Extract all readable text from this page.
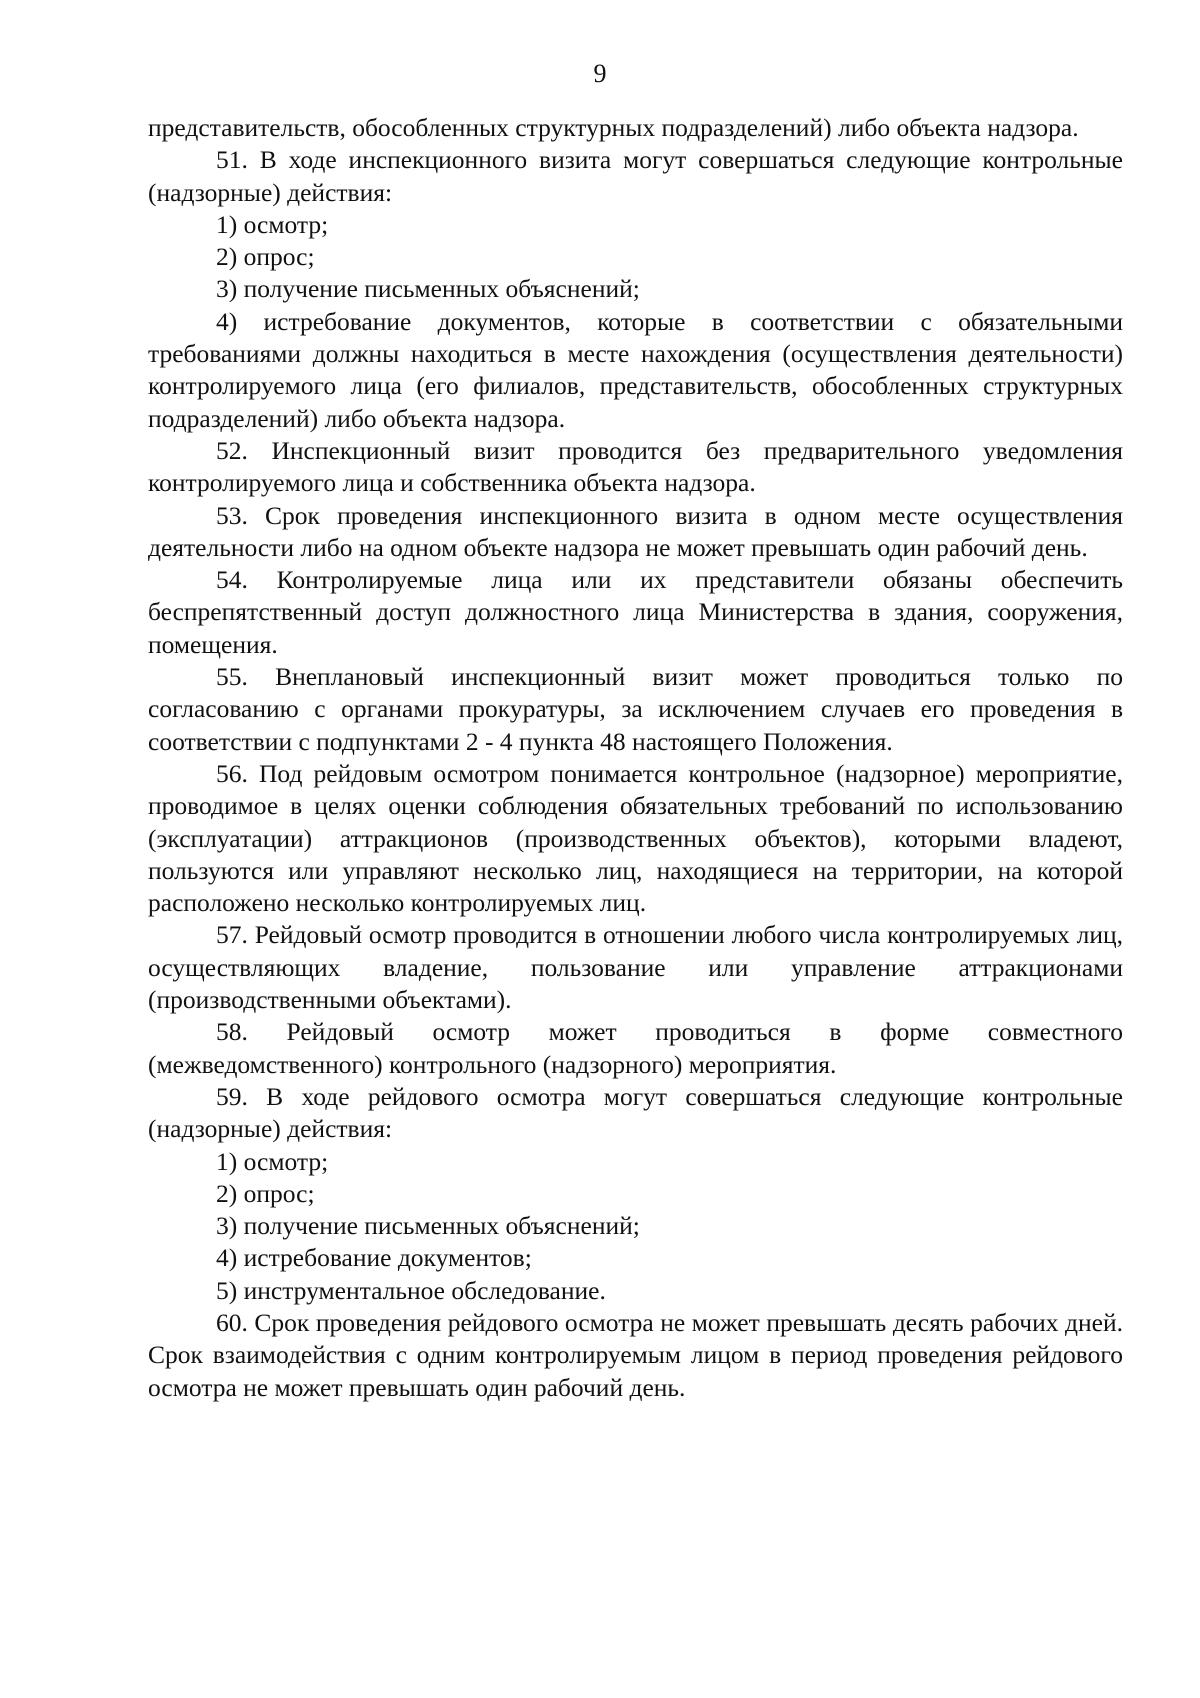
9

представительств, обособленных структурных подразделений) либо объекта надзора.

51. В ходе инспекционного визита могут совершаться следующие контрольные (надзорные) действия:

1) осмотр;

2) опрос;

3) получение письменных объяснений;

4) истребование документов, которые в соответствии с обязательными требованиями должны находиться в месте нахождения (осуществления деятельности) контролируемого лица (его филиалов, представительств, обособленных структурных подразделений) либо объекта надзора.

52. Инспекционный визит проводится без предварительного уведомления контролируемого лица и собственника объекта надзора.

53. Срок проведения инспекционного визита в одном месте осуществления деятельности либо на одном объекте надзора не может превышать один рабочий день.

54. Контролируемые лица или их представители обязаны обеспечить беспрепятственный доступ должностного лица Министерства в здания, сооружения, помещения.

55. Внеплановый инспекционный визит может проводиться только по согласованию с органами прокуратуры, за исключением случаев его проведения в соответствии с подпунктами 2 - 4 пункта 48 настоящего Положения.

56. Под рейдовым осмотром понимается контрольное (надзорное) мероприятие, проводимое в целях оценки соблюдения обязательных требований по использованию (эксплуатации) аттракционов (производственных объектов), которыми владеют, пользуются или управляют несколько лиц, находящиеся на территории, на которой расположено несколько контролируемых лиц.

57. Рейдовый осмотр проводится в отношении любого числа контролируемых лиц, осуществляющих владение, пользование или управление аттракционами (производственными объектами).

58. Рейдовый осмотр может проводиться в форме совместного (межведомственного) контрольного (надзорного) мероприятия.

59. В ходе рейдового осмотра могут совершаться следующие контрольные (надзорные) действия:

1) осмотр;

2) опрос;

3) получение письменных объяснений;

4) истребование документов;

5) инструментальное обследование.

60. Срок проведения рейдового осмотра не может превышать десять рабочих дней. Срок взаимодействия с одним контролируемым лицом в период проведения рейдового осмотра не может превышать один рабочий день.
